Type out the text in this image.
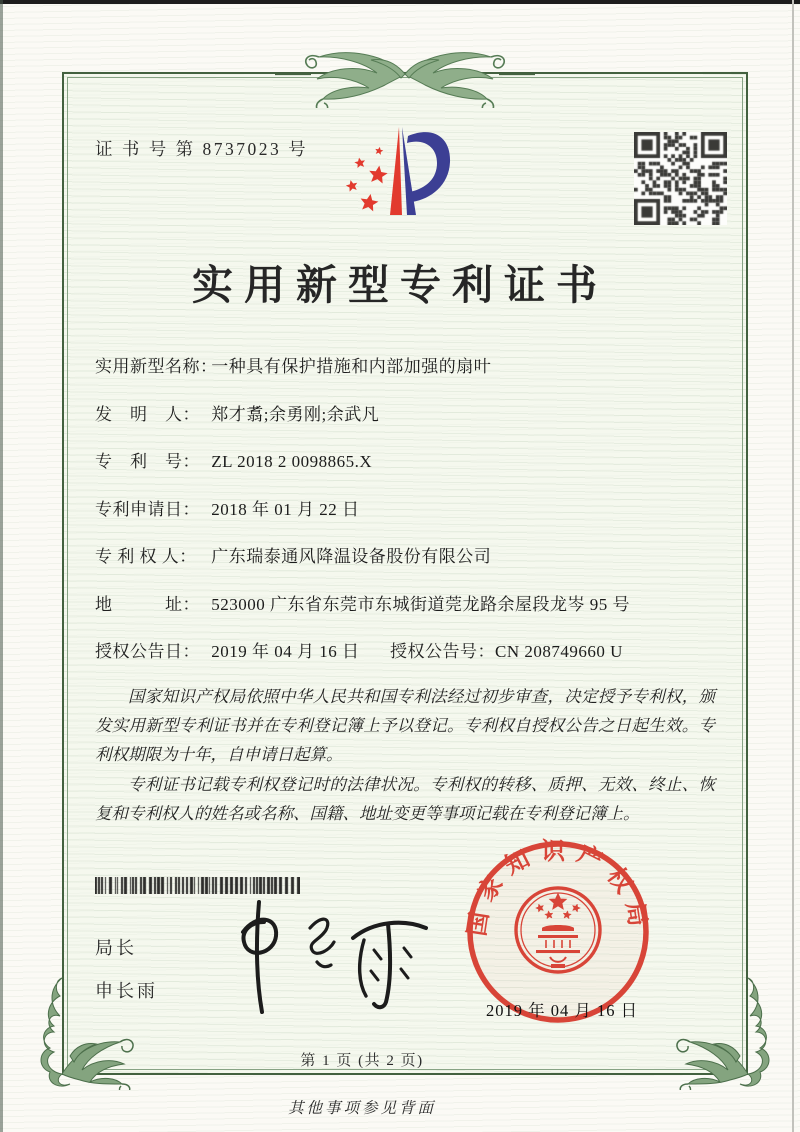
证 书 号 第 8737023 号
实用新型专利证书
实用新型名称： 一种具有保护措施和内部加强的扇叶
发　明　人： 郑才翥;余勇刚;余武凡
专　利　号： ZL 2018 2 0098865.X
专利申请日： 2018 年 01 月 22 日
专 利 权 人： 广东瑞泰通风降温设备股份有限公司
地　　　址： 523000 广东省东莞市东城街道莞龙路余屋段龙岑 95 号
授权公告日： 2019 年 04 月 16 日 授权公告号： CN 208749660 U

国家知识产权局依照中华人民共和国专利法经过初步审查，决定授予专利权，颁发实用新型专利证书并在专利登记簿上予以登记。专利权自授权公告之日起生效。专利权期限为十年，自申请日起算。

专利证书记载专利权登记时的法律状况。专利权的转移、质押、无效、终止、恢复和专利权人的姓名或名称、国籍、地址变更等事项记载在专利登记簿上。

局长
申长雨
国家知识产权局
2019 年 04 月 16 日
第 1 页 (共 2 页)
其他事项参见背面
